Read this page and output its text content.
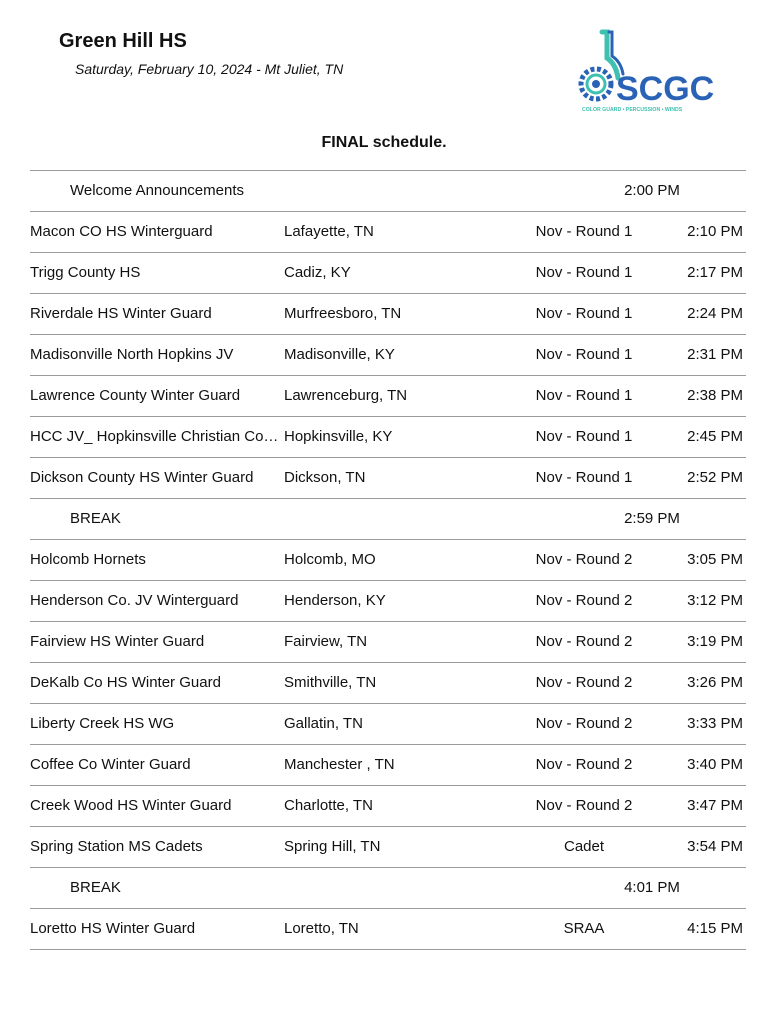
Green Hill HS

Saturday, February 10, 2024 - Mt Juliet, TN

SCGC
COLOR GUARD • PERCUSSION • WINDS
FINAL schedule.
Welcome Announcements	2:00 PM
Macon CO HS Winterguard	Lafayette, TN	Nov - Round 1	2:10 PM
Trigg County HS	Cadiz, KY	Nov - Round 1	2:17 PM
Riverdale HS Winter Guard	Murfreesboro, TN	Nov - Round 1	2:24 PM
Madisonville North Hopkins JV	Madisonville, KY	Nov - Round 1	2:31 PM
Lawrence County Winter Guard	Lawrenceburg, TN	Nov - Round 1	2:38 PM
HCC JV_ Hopkinsville Christian Co… Hopkinsville, KY	Nov - Round 1	2:45 PM
Dickson County HS Winter Guard	Dickson, TN	Nov - Round 1	2:52 PM
BREAK	2:59 PM
Holcomb Hornets	Holcomb, MO	Nov - Round 2	3:05 PM
Henderson Co. JV Winterguard	Henderson, KY	Nov - Round 2	3:12 PM
Fairview HS Winter Guard	Fairview, TN	Nov - Round 2	3:19 PM
DeKalb Co HS Winter Guard	Smithville, TN	Nov - Round 2	3:26 PM
Liberty Creek HS WG	Gallatin, TN	Nov - Round 2	3:33 PM
Coffee Co Winter Guard	Manchester , TN	Nov - Round 2	3:40 PM
Creek Wood HS Winter Guard	Charlotte, TN	Nov - Round 2	3:47 PM
Spring Station MS Cadets	Spring Hill, TN	Cadet	3:54 PM
BREAK	4:01 PM
Loretto HS Winter Guard	Loretto, TN	SRAA	4:15 PM
